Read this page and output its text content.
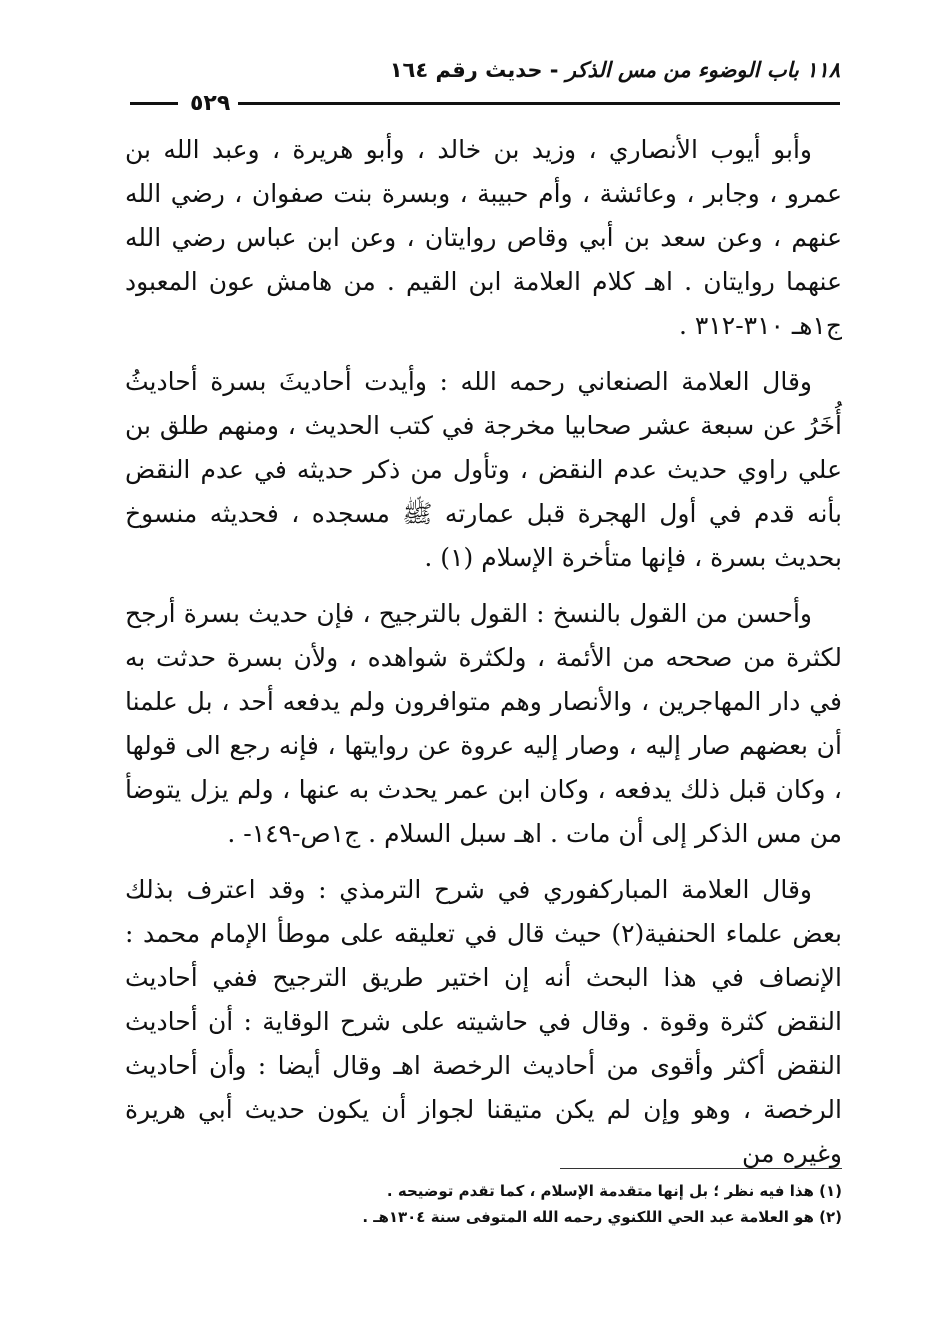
١١٨ باب الوضوء من مس الذكر - حديث رقم ١٦٤
٥٢٩

وأبو أيوب الأنصاري ، وزيد بن خالد ، وأبو هريرة ، وعبد الله بن عمرو ، وجابر ، وعائشة ، وأم حبيبة ، وبسرة بنت صفوان ، رضي الله عنهم ، وعن سعد بن أبي وقاص روايتان ، وعن ابن عباس رضي الله عنهما روايتان . اهـ كلام العلامة ابن القيم . من هامش عون المعبود ج١هـ ٣١٠-٣١٢ .

وقال العلامة الصنعاني رحمه الله : وأيدت أحاديثَ بسرة أحاديثُ أُخَرُ عن سبعة عشر صحابيا مخرجة في كتب الحديث ، ومنهم طلق بن علي راوي حديث عدم النقض ، وتأول من ذكر حديثه في عدم النقض بأنه قدم في أول الهجرة قبل عمارته ﷺ مسجده ، فحديثه منسوخ بحديث بسرة ، فإنها متأخرة الإسلام (١) .

وأحسن من القول بالنسخ : القول بالترجيح ، فإن حديث بسرة أرجح لكثرة من صححه من الأئمة ، ولكثرة شواهده ، ولأن بسرة حدثت به في دار المهاجرين ، والأنصار وهم متوافرون ولم يدفعه أحد ، بل علمنا أن بعضهم صار إليه ، وصار إليه عروة عن روايتها ، فإنه رجع الى قولها ، وكان قبل ذلك يدفعه ، وكان ابن عمر يحدث به عنها ، ولم يزل يتوضأ من مس الذكر إلى أن مات . اهـ سبل السلام . ج١ص-١٤٩- .

وقال العلامة المباركفوري في شرح الترمذي : وقد اعترف بذلك بعض علماء الحنفية(٢) حيث قال في تعليقه على موطأ الإمام محمد : الإنصاف في هذا البحث أنه إن اختير طريق الترجيح ففي أحاديث النقض كثرة وقوة . وقال في حاشيته على شرح الوقاية : أن أحاديث النقض أكثر وأقوى من أحاديث الرخصة اهـ وقال أيضا : وأن أحاديث الرخصة ، وهو وإن لم يكن متيقنا لجواز أن يكون حديث أبي هريرة وغيره من

(١) هذا فيه نظر ؛ بل إنها متقدمة الإسلام ، كما تقدم توضيحه .
(٢) هو العلامة عبد الحي اللكنوي رحمه الله المتوفى سنة ١٣٠٤هـ .
